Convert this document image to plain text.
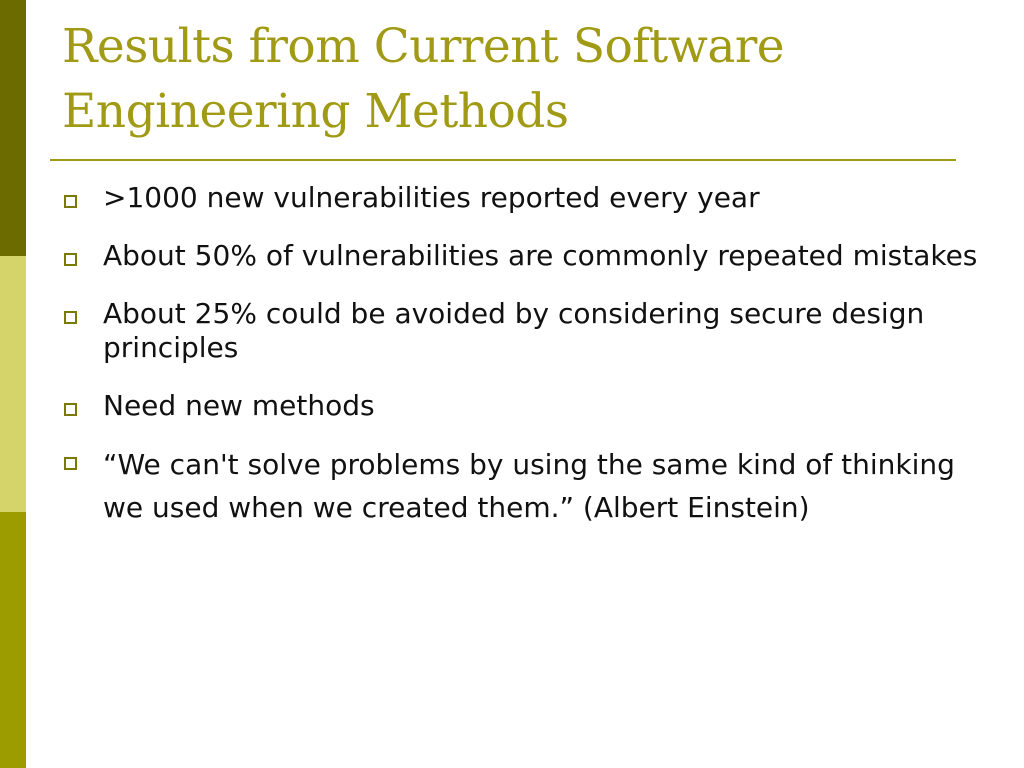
Results from Current Software
Engineering Methods
>1000 new vulnerabilities reported every year
About 50% of vulnerabilities are commonly repeated mistakes
About 25% could be avoided by considering secure design principles
Need new methods
“We can't solve problems by using the same kind of thinking we used when we created them.” (Albert Einstein)
